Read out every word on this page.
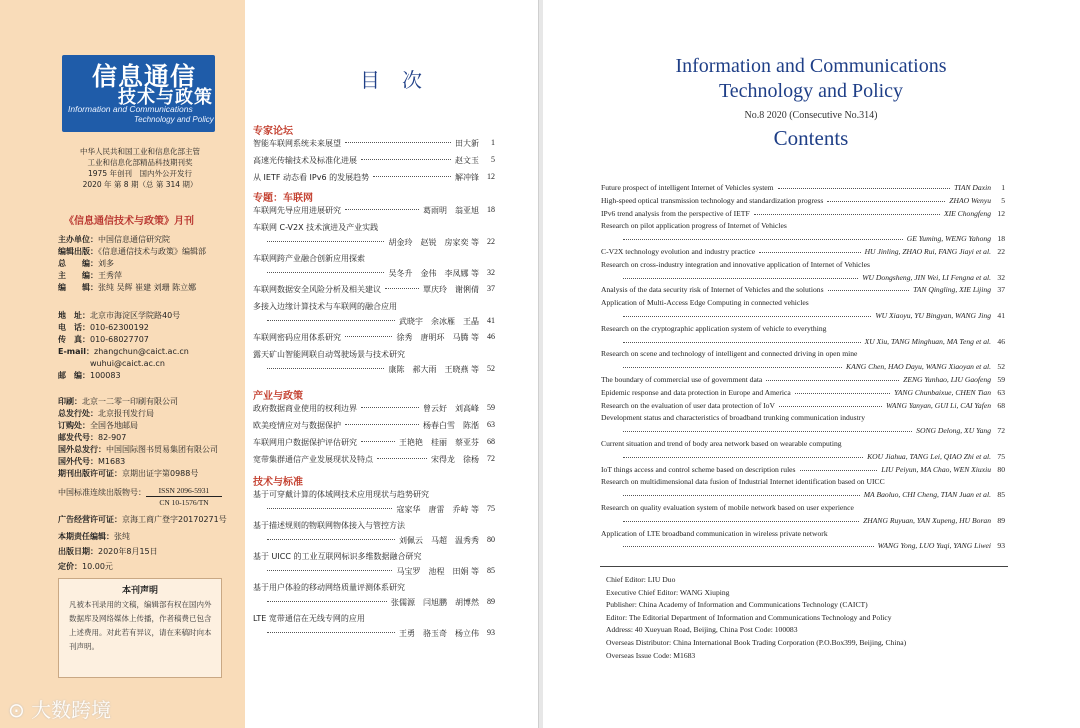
信息通信
技术与政策
Information and Communications
Technology and Policy
中华人民共和国工业和信息化部主管
工业和信息化部精品科技期刊奖
1975 年创刊　国内外公开发行
2020 年 第 8 期（总 第 314 期）
《信息通信技术与政策》月刊
主办单位：中国信息通信研究院
编辑出版：《信息通信技术与政策》编辑部
总　　编：刘多
主　　编：王秀萍
编　　辑：张纯 吴辉 崔建 刘珊 陈立娜
地　址：北京市海淀区学院路40号
电　话：010-62300192
传　真：010-68027707
E-mail：zhangchun@caict.ac.cn
wuhui@caict.ac.cn
邮　编：100083
印刷：北京一二零一印刷有限公司
总发行处：北京报刊发行局
订购处：全国各地邮局
邮发代号：82-907
国外总发行：中国国际图书贸易集团有限公司
国外代号：M1683
期刊出版许可证：京期出证字第0988号
中国标准连续出版物号：	ISSN 2096-5931
CN 10-1576/TN
广告经营许可证：京海工商广登字20170271号
本期责任编辑：张纯
出版日期：2020年8月15日
定价：10.00元
本刊声明
凡被本刊录用的文稿，编辑部有权在国内外数据库及网络媒体上传播，作者稿费已包含上述费用。对此若有异议，请在来稿时向本刊声明。
⊙ 大数跨境
目次
专家论坛
智能车联网系统未来展望	田大新	1
高速光传输技术及标准化进展	赵文玉	5
从 IETF 动态看 IPv6 的发展趋势	解冲锋	12
专题：车联网
车联网先导应用进展研究	葛雨明　翁亚旭	18
车联网 C-V2X 技术演进及产业实践
胡金玲　赵锐　房家奕 等	22
车联网跨产业融合创新应用探索
吴冬升　金伟　李凤娜 等	32
车联网数据安全风险分析及相关建议	覃庆玲　谢俐倩	37
多接入边缘计算技术与车联网的融合应用
武晓宇　余冰雁　王晶	41
车联网密码应用体系研究	徐秀　唐明环　马腾 等	46
露天矿山智能网联自动驾驶场景与技术研究
康陈　郝大雨　王晓燕 等	52
产业与政策
政府数据商业使用的权利边界	曾云好　刘高峰	59
欧美疫情应对与数据保护	杨春白雪　陈湉	63
车联网用户数据保护评估研究	王艳艳　桂丽　蔡亚芬	68
宽带集群通信产业发展现状及特点	宋得龙　徐杨	72
技术与标准
基于可穿戴计算的体域网技术应用现状与趋势研究
寇家华　唐雷　乔峙 等	75
基于描述规则的物联网物体接入与管控方法
刘佩云　马超　温秀秀	80
基于 UICC 的工业互联网标识多维数据融合研究
马宝罗　池程　田娟 等	85
基于用户体验的移动网络质量评测体系研究
张儒源　闫旭鹏　胡博然	89
LTE 宽带通信在无线专网的应用
王勇　骆玉奇　杨立伟	93
Information and Communications
Technology and Policy
No.8 2020 (Consecutive No.314)
Contents
Future prospect of intelligent Internet of Vehicles system	TIAN Daxin	1
High-speed optical transmission technology and standardization progress	ZHAO Wenyu	5
IPv6 trend analysis from the perspective of IETF	XIE Chongfeng 12
Research on pilot application progress of Internet of Vehicles
GE Yuming, WENG Yahong 18
C-V2X technology evolution and industry practice	HU Jinling, ZHAO Rui, FANG Jiayi et al. 22
Research on cross-industry integration and innovative application of Internet of Vehicles
WU Dongsheng, JIN Wei, LI Fengna et al. 32
Analysis of the data security risk of Internet of Vehicles and the solutions	TAN Qingling, XIE Lijing 37
Application of Multi-Access Edge Computing in connected vehicles
WU Xiaoyu, YU Bingyan, WANG Jing 41
Research on the cryptographic application system of vehicle to everything
XU Xiu, TANG Minghuan, MA Teng et al. 46
Research on scene and technology of intelligent and connected driving in open mine
KANG Chen, HAO Dayu, WANG Xiaoyan et al. 52
The boundary of commercial use of government data	ZENG Yunhao, LIU Gaofeng 59
Epidemic response and data protection in Europe and America	YANG Chunbaixue, CHEN Tian 63
Research on the evaluation of user data protection of IoV	WANG Yanyan, GUI Li, CAI Yafen 68
Development status and characteristics of broadband trunking communication industry
SONG Delong, XU Yang 72
Current situation and trend of body area network based on wearable computing
KOU Jiahua, TANG Lei, QIAO Zhi et al. 75
IoT things access and control scheme based on description rules	LIU Peiyun, MA Chao, WEN Xiuxiu 80
Research on multidimensional data fusion of Industrial Internet identification based on UICC
MA Baoluo, CHI Cheng, TIAN Juan et al. 85
Research on quality evaluation system of mobile network based on user experience
ZHANG Ruyuan, YAN Xupeng, HU Boran 89
Application of LTE broadband communication in wireless private network
WANG Yong, LUO Yuqi, YANG Liwei 93
Chief Editor: LIU Duo
Executive Chief Editor: WANG Xiuping
Publisher: China Academy of Information and Communications Technology (CAICT)
Editor: The Editorial Department of Information and Communications Technology and Policy
Address: 40 Xueyuan Road, Beijing, China Post Code: 100083
Overseas Distributor: China International Book Trading Corporation (P.O.Box399, Beijing, China)
Overseas Issue Code: M1683
